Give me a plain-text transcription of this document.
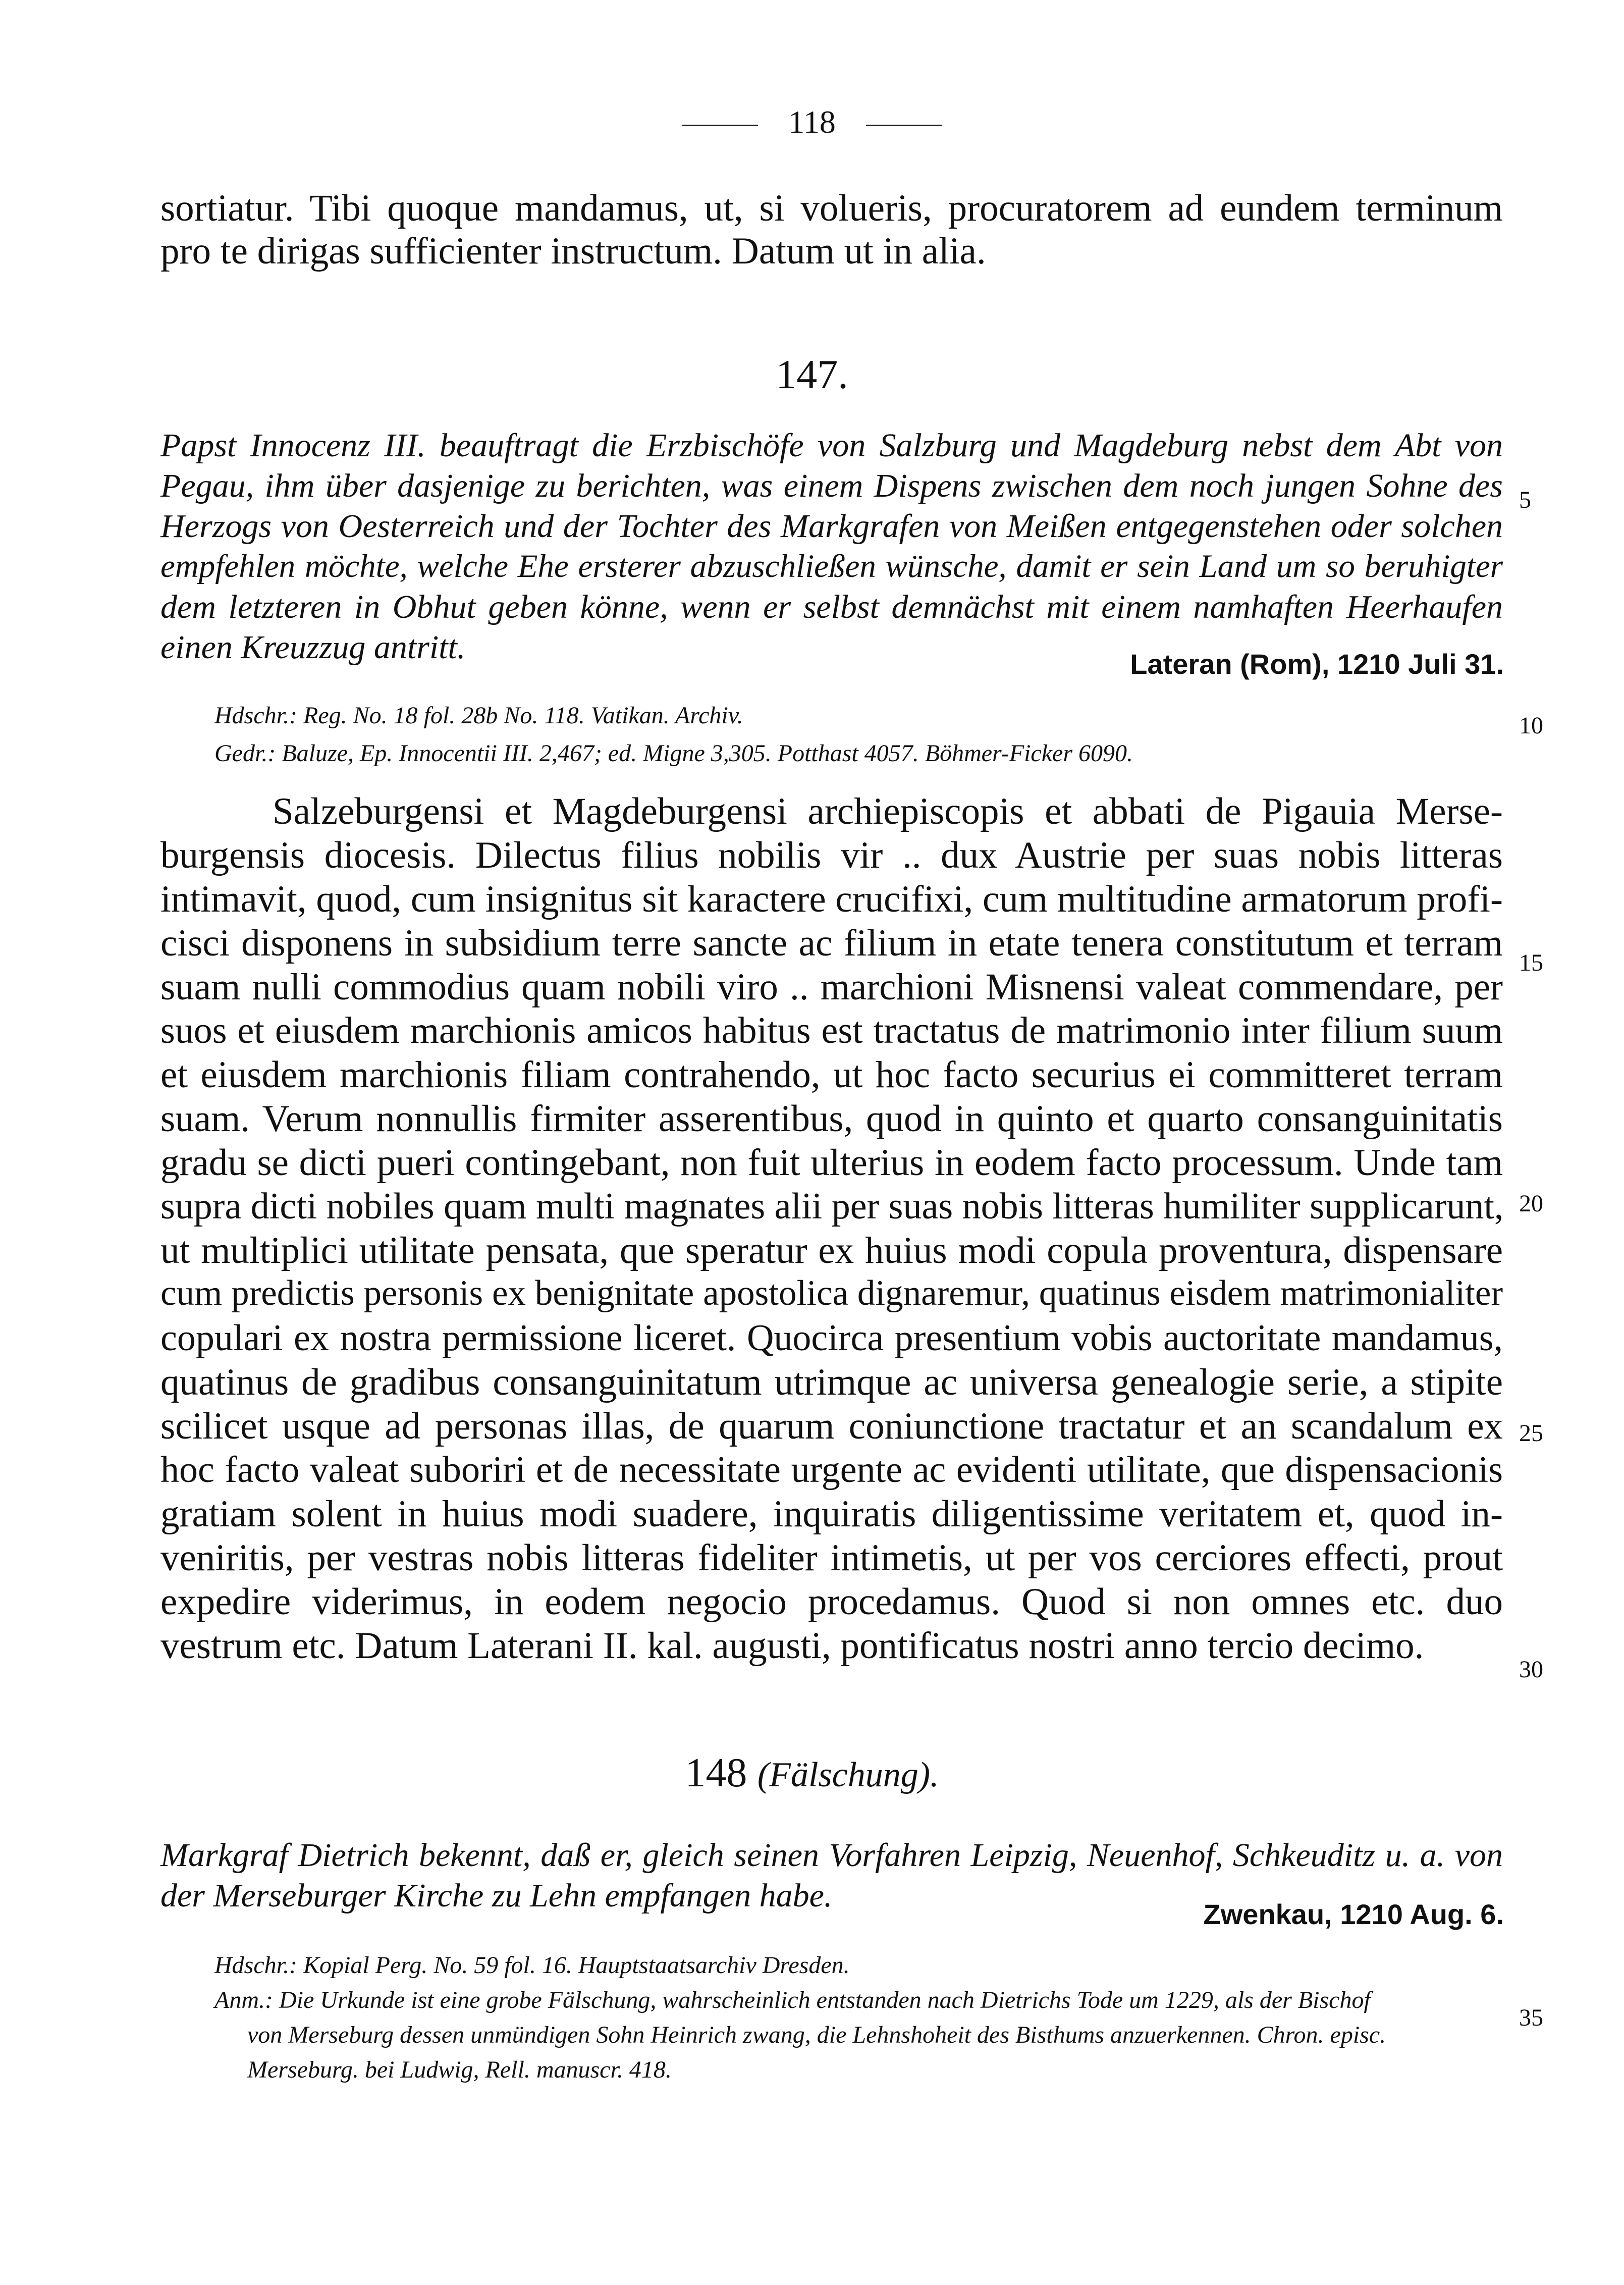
118
sortiatur. Tibi quoque mandamus, ut, si volueris, procuratorem ad eundem terminum
pro te dirigas sufficienter instructum. Datum ut in alia.
147.
Papst Innocenz III. beauftragt die Erzbischöfe von Salzburg und Magdeburg nebst dem Abt von
Pegau, ihm über dasjenige zu berichten, was einem Dispens zwischen dem noch jungen Sohne des
Herzogs von Oesterreich und der Tochter des Markgrafen von Meißen entgegenstehen oder solchen
empfehlen möchte, welche Ehe ersterer abzuschließen wünsche, damit er sein Land um so beruhigter
dem letzteren in Obhut geben könne, wenn er selbst demnächst mit einem namhaften Heerhaufen
einen Kreuzzug antritt.	Lateran (Rom), 1210 Juli 31.
Hdschr.: Reg. No. 18 fol. 28b No. 118. Vatikan. Archiv.
Gedr.: Baluze, Ep. Innocentii III. 2,467; ed. Migne 3,305. Potthast 4057. Böhmer-Ficker 6090.
Salzeburgensi et Magdeburgensi archiepiscopis et abbati de Pigauia Merse-
burgensis diocesis. Dilectus filius nobilis vir .. dux Austrie per suas nobis litteras
intimavit, quod, cum insignitus sit karactere crucifixi, cum multitudine armatorum profi-
cisci disponens in subsidium terre sancte ac filium in etate tenera constitutum et terram
suam nulli commodius quam nobili viro .. marchioni Misnensi valeat commendare, per
suos et eiusdem marchionis amicos habitus est tractatus de matrimonio inter filium suum
et eiusdem marchionis filiam contrahendo, ut hoc facto securius ei committeret terram
suam. Verum nonnullis firmiter asserentibus, quod in quinto et quarto consanguinitatis
gradu se dicti pueri contingebant, non fuit ulterius in eodem facto processum. Unde tam
supra dicti nobiles quam multi magnates alii per suas nobis litteras humiliter supplicarunt,
ut multiplici utilitate pensata, que speratur ex huius modi copula proventura, dispensare
cum predictis personis ex benignitate apostolica dignaremur, quatinus eisdem matrimonialiter
copulari ex nostra permissione liceret. Quocirca presentium vobis auctoritate mandamus,
quatinus de gradibus consanguinitatum utrimque ac universa genealogie serie, a stipite
scilicet usque ad personas illas, de quarum coniunctione tractatur et an scandalum ex
hoc facto valeat suboriri et de necessitate urgente ac evidenti utilitate, que dispensacionis
gratiam solent in huius modi suadere, inquiratis diligentissime veritatem et, quod in-
veniritis, per vestras nobis litteras fideliter intimetis, ut per vos cerciores effecti, prout
expedire viderimus, in eodem negocio procedamus. Quod si non omnes etc. duo
vestrum etc. Datum Laterani II. kal. augusti, pontificatus nostri anno tercio decimo.
148 (Fälschung).
Markgraf Dietrich bekennt, daß er, gleich seinen Vorfahren Leipzig, Neuenhof, Schkeuditz u. a. von
der Merseburger Kirche zu Lehn empfangen habe.
Zwenkau, 1210 Aug. 6.
Hdschr.: Kopial Perg. No. 59 fol. 16. Hauptstaatsarchiv Dresden.
Anm.: Die Urkunde ist eine grobe Fälschung, wahrscheinlich entstanden nach Dietrichs Tode um 1229, als der Bischof
von Merseburg dessen unmündigen Sohn Heinrich zwang, die Lehnshoheit des Bisthums anzuerkennen. Chron. episc.
Merseburg. bei Ludwig, Rell. manuscr. 418.
5
10
15
20
25
30
35
